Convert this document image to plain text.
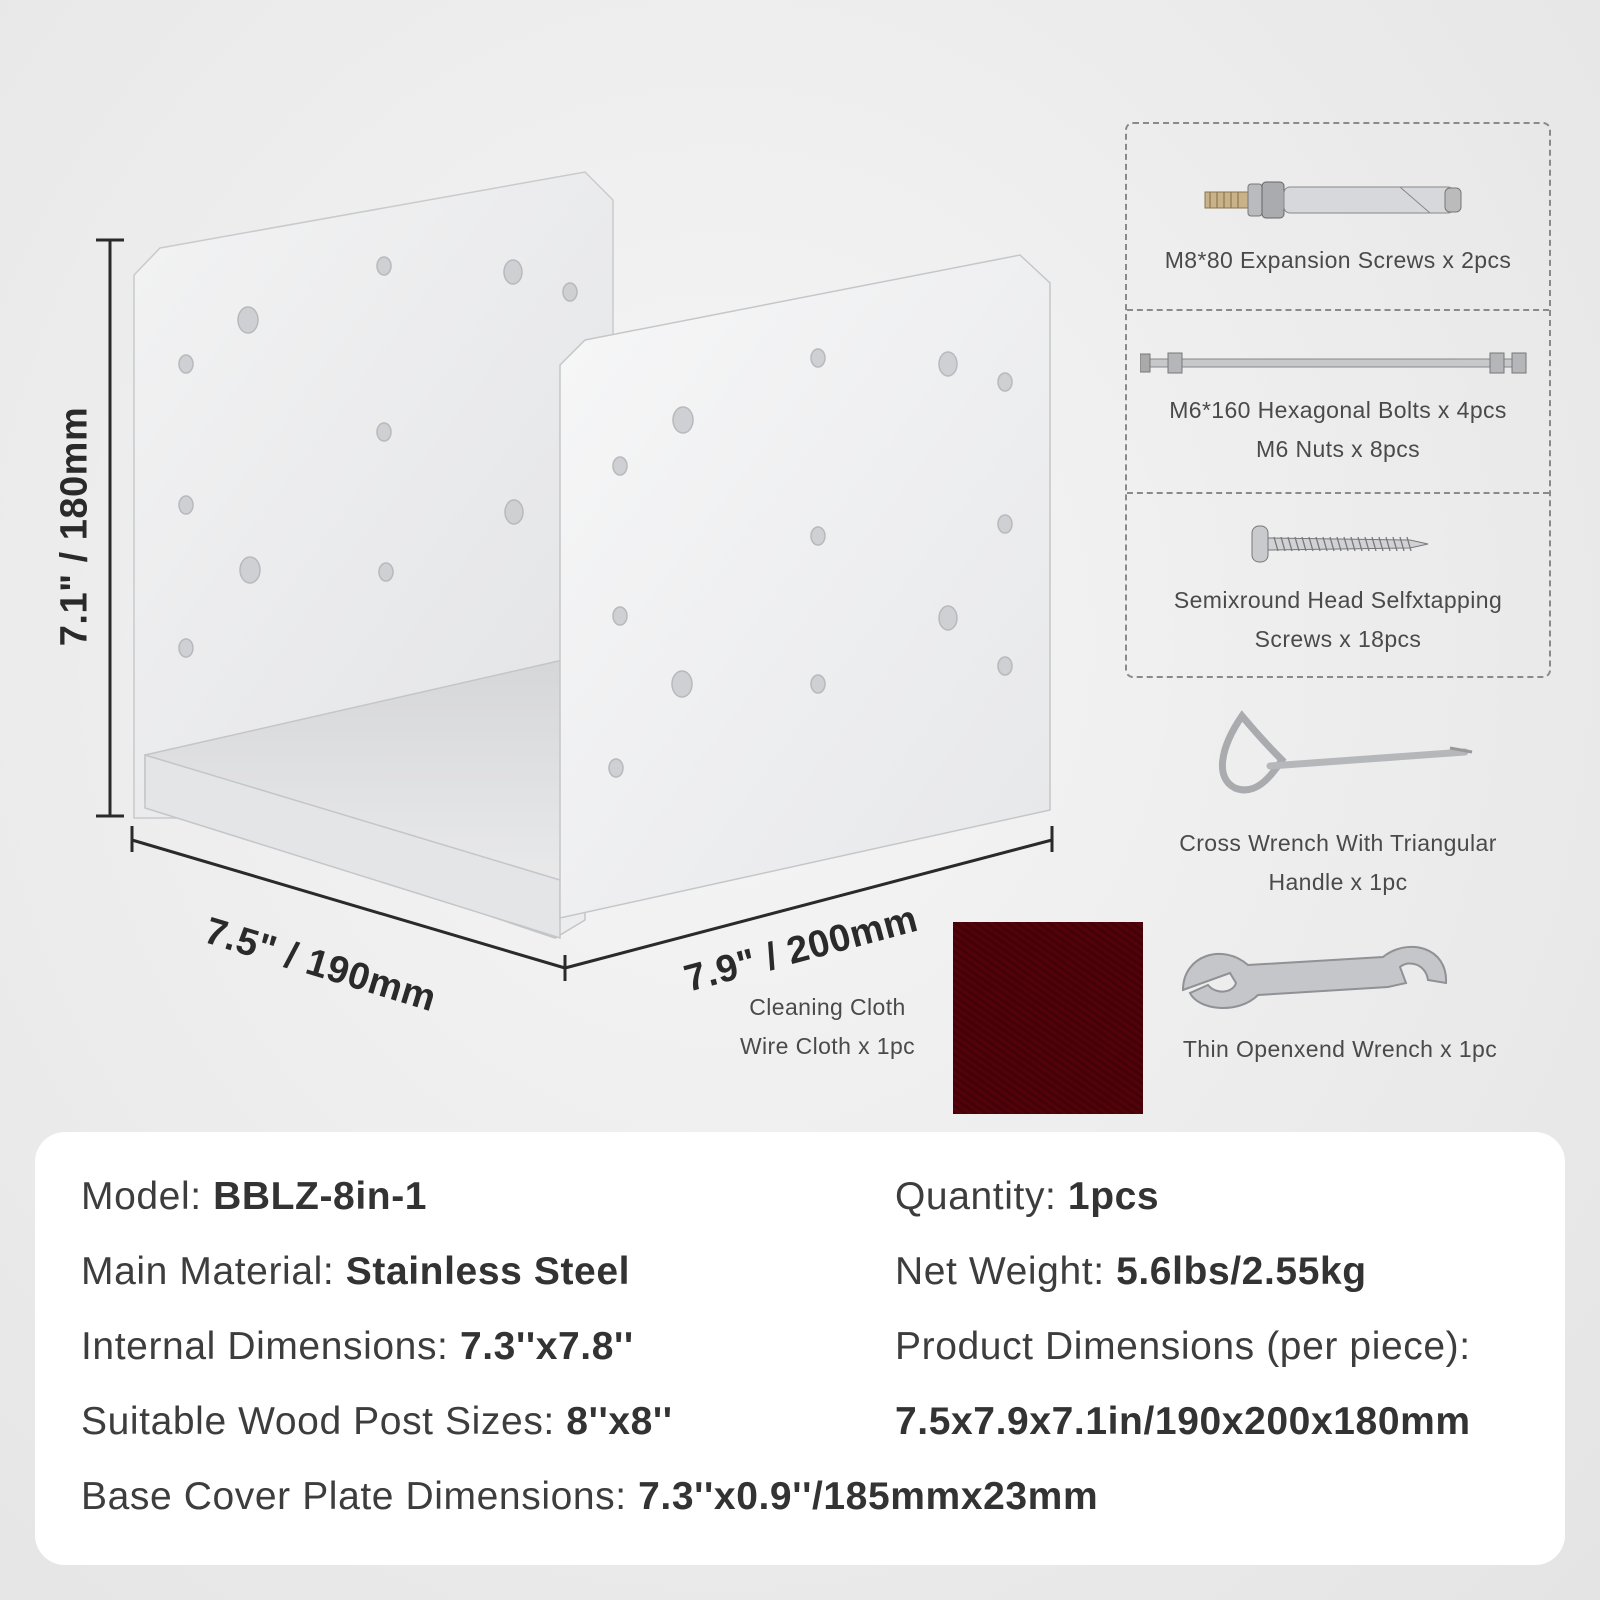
7.1" / 180mm
7.5" / 190mm	7.9" / 200mm
M8*80 Expansion Screws x 2pcs
M6*160 Hexagonal Bolts x 4pcs
M6 Nuts x 8pcs
Semixround Head Selfxtapping
Screws x 18pcs
Cross Wrench With Triangular
Handle x 1pc
Cleaning Cloth
Wire Cloth x 1pc	Thin Openxend Wrench x 1pc
Model: BBLZ-8in-1	Quantity: 1pcs
Main Material: Stainless Steel	Net Weight: 5.6lbs/2.55kg
Internal Dimensions: 7.3''x7.8''	Product Dimensions (per piece):
Suitable Wood Post Sizes: 8''x8''	7.5x7.9x7.1in/190x200x180mm
Base Cover Plate Dimensions: 7.3''x0.9''/185mmx23mm
